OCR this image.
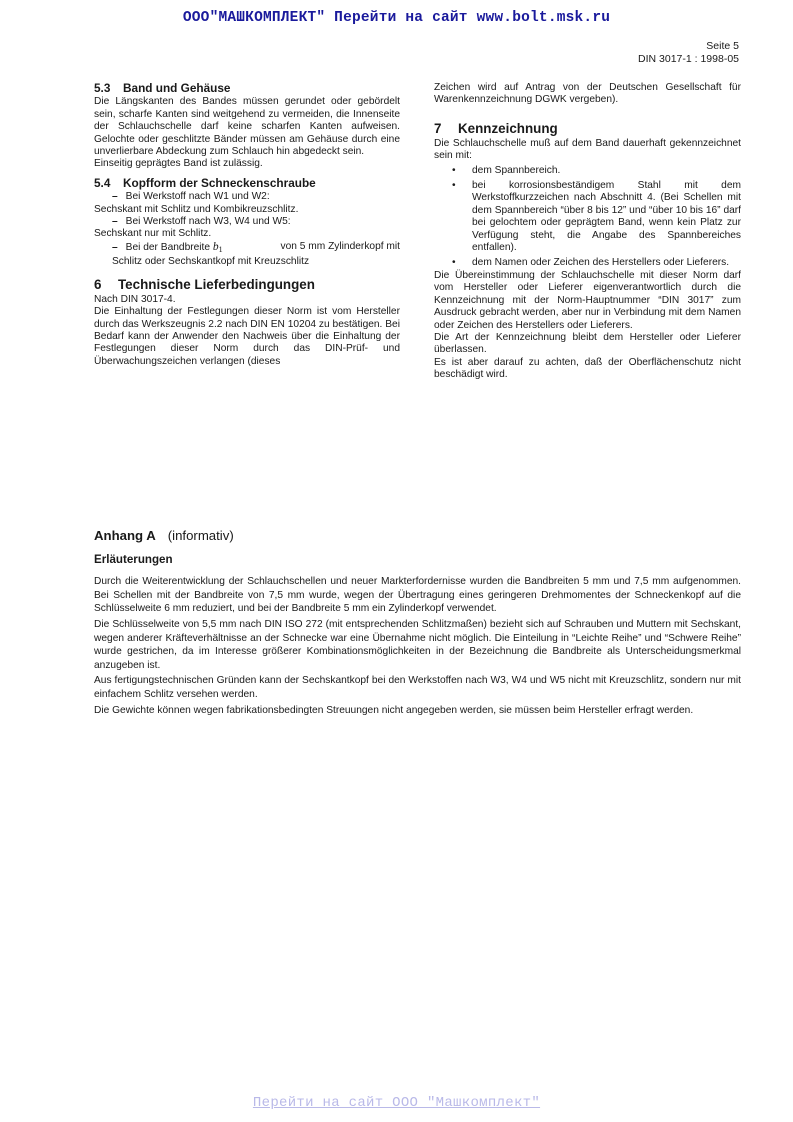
ООО"МАШКОМПЛЕКТ" Перейти на сайт www.bolt.msk.ru
Seite 5
DIN 3017-1 : 1998-05
5.3 Band und Gehäuse

Die Längskanten des Bandes müssen gerundet oder gebördelt sein, scharfe Kanten sind weitgehend zu vermeiden, die Innenseite der Schlauchschelle darf keine scharfen Kanten aufweisen. Gelochte oder geschlitzte Bänder müssen am Gehäuse durch eine unverlierbare Abdeckung zum Schlauch hin abgedeckt sein.

Einseitig geprägtes Band ist zulässig.

5.4 Kopfform der Schneckenschraube
– Bei Werkstoff nach W1 und W2:
Sechskant mit Schlitz und Kombikreuzschlitz.
– Bei Werkstoff nach W3, W4 und W5:
Sechskant nur mit Schlitz.
– Bei der Bandbreite $b_1$	von 5 mm Zylinderkopf mit
Schlitz oder Sechskantkopf mit Kreuzschlitz
6	Technische Lieferbedingungen

Nach DIN 3017-4.

Die Einhaltung der Festlegungen dieser Norm ist vom Hersteller durch das Werkszeugnis 2.2 nach DIN EN 10204 zu bestätigen. Bei Bedarf kann der Anwender den Nachweis über die Einhaltung der Festlegungen dieser Norm durch das DIN-Prüf- und Überwachungszeichen verlangen (dieses

Zeichen wird auf Antrag von der Deutschen Gesellschaft für Warenkennzeichnung DGWK vergeben).

7	Kennzeichnung

Die Schlauchschelle muß auf dem Band dauerhaft gekennzeichnet sein mit:

•	dem Spannbereich.
•	bei korrosionsbeständigem Stahl mit dem Werkstoffkurzzeichen nach Abschnitt 4. (Bei Schellen mit dem Spannbereich “über 8 bis 12” und “über 10 bis 16” darf bei gelochtem oder geprägtem Band, wenn kein Platz zur Verfügung steht, die Angabe des Spannbereiches entfallen).
•	dem Namen oder Zeichen des Herstellers oder Lieferers.

Die Übereinstimmung der Schlauchschelle mit dieser Norm darf vom Hersteller oder Lieferer eigenverantwortlich durch die Kennzeichnung mit der Norm-Hauptnummer “DIN 3017” zum Ausdruck gebracht werden, aber nur in Verbindung mit dem Namen oder Zeichen des Herstellers oder Lieferers.

Die Art der Kennzeichnung bleibt dem Hersteller oder Lieferer überlassen.

Es ist aber darauf zu achten, daß der Oberflächenschutz nicht beschädigt wird.

Anhang A (informativ)
Erläuterungen

Durch die Weiterentwicklung der Schlauchschellen und neuer Markterfordernisse wurden die Bandbreiten 5 mm und 7,5 mm aufgenommen. Bei Schellen mit der Bandbreite von 7,5 mm wurde, wegen der Übertragung eines geringeren Drehmomentes der Schneckenkopf auf die Schlüsselweite 6 mm reduziert, und bei der Bandbreite 5 mm ein Zylinderkopf verwendet.

Die Schlüsselweite von 5,5 mm nach DIN ISO 272 (mit entsprechenden Schlitzmaßen) bezieht sich auf Schrauben und Muttern mit Sechskant, wegen anderer Kräfteverhältnisse an der Schnecke war eine Übernahme nicht möglich. Die Einteilung in “Leichte Reihe” und “Schwere Reihe” wurde gestrichen, da im Interesse größerer Kombinationsmöglichkeiten in der Bezeichnung die Bandbreite als Unterscheidungsmerkmal anzugeben ist.

Aus fertigungstechnischen Gründen kann der Sechskantkopf bei den Werkstoffen nach W3, W4 und W5 nicht mit Kreuzschlitz, sondern nur mit einfachem Schlitz versehen werden.

Die Gewichte können wegen fabrikationsbedingten Streuungen nicht angegeben werden, sie müssen beim Hersteller erfragt werden.

Перейти на сайт ООО "Машкомплект"
